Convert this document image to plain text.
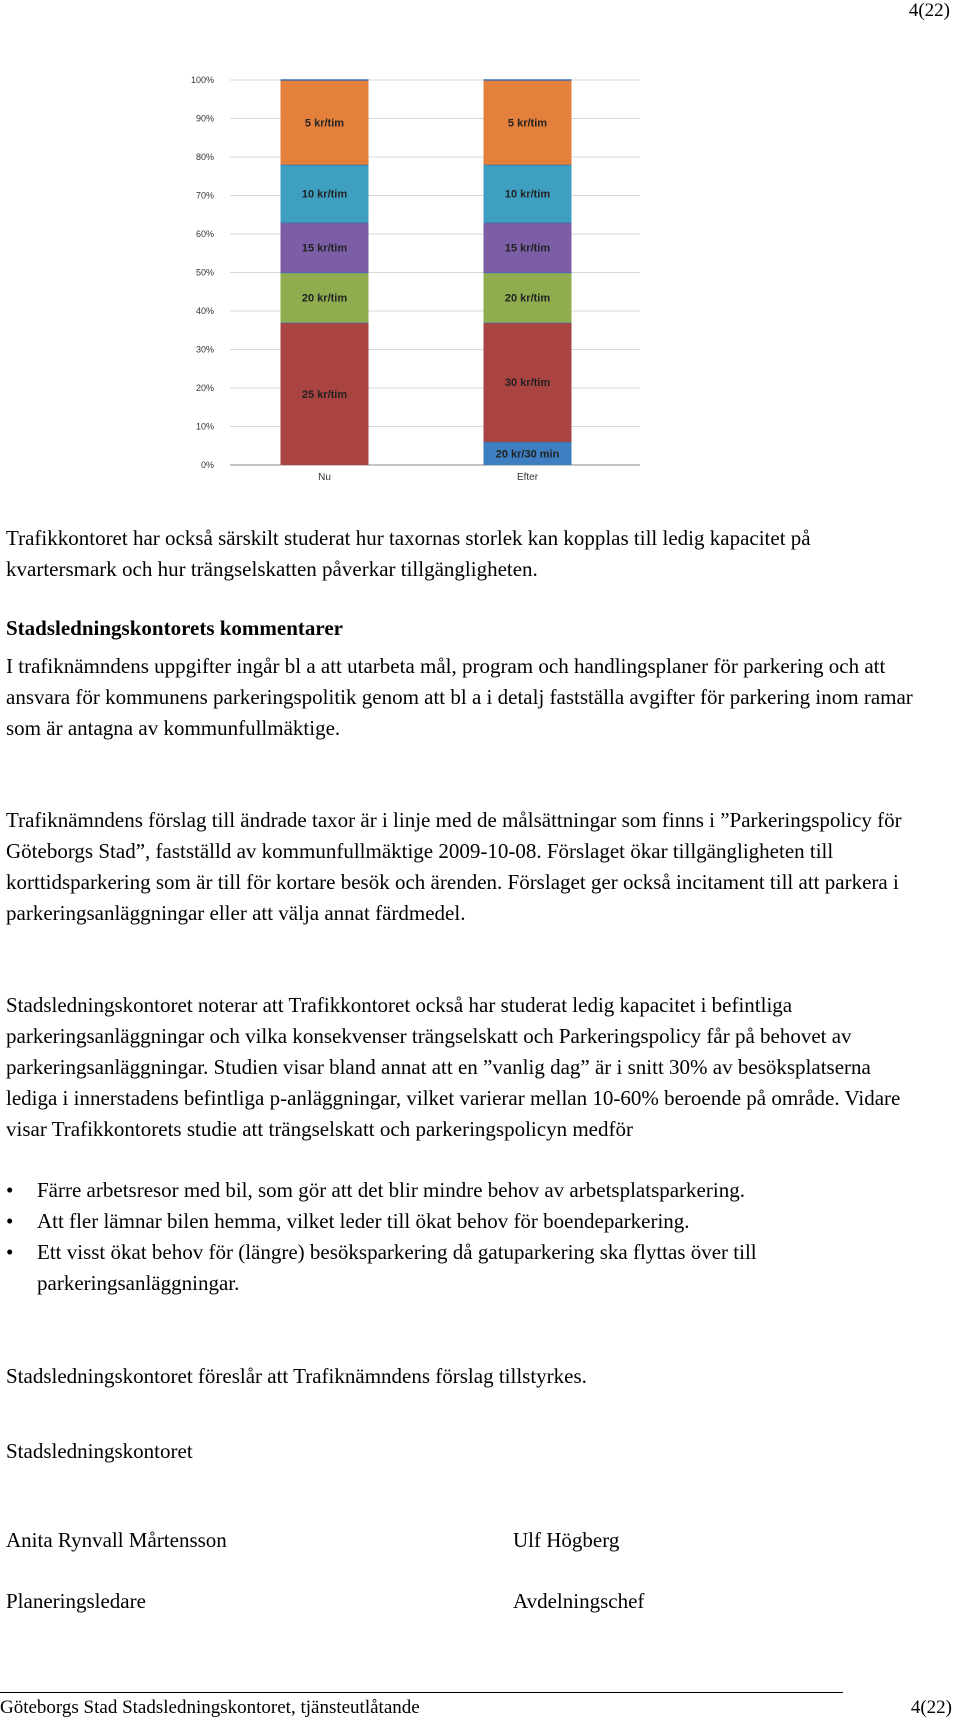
4(22)
0%
10%
20%
30%
40%
50%
60%
70%
80%
90%
100%
25 kr/tim
20 kr/tim
15 kr/tim
10 kr/tim
5 kr/tim
Nu
20 kr/30 min
30 kr/tim
20 kr/tim
15 kr/tim
10 kr/tim
5 kr/tim
Efter

Trafikkontoret har också särskilt studerat hur taxornas storlek kan kopplas till ledig kapacitet på kvartersmark och hur trängselskatten påverkar tillgängligheten.

Stadsledningskontorets kommentarer

I trafiknämndens uppgifter ingår bl a att utarbeta mål, program och handlingsplaner för parkering och att ansvara för kommunens parkeringspolitik genom att bl a i detalj fastställa avgifter för parkering inom ramar som är antagna av kommunfullmäktige.

Trafiknämndens förslag till ändrade taxor är i linje med de målsättningar som finns i ”Parkeringspolicy för Göteborgs Stad”, fastställd av kommunfullmäktige 2009-10-08. Förslaget ökar tillgängligheten till korttidsparkering som är till för kortare besök och ärenden. Förslaget ger också incitament till att parkera i parkeringsanläggningar eller att välja annat färdmedel.

Stadsledningskontoret noterar att Trafikkontoret också har studerat ledig kapacitet i befintliga parkeringsanläggningar och vilka konsekvenser trängselskatt och Parkeringspolicy får på behovet av parkeringsanläggningar. Studien visar bland annat att en ”vanlig dag” är i snitt 30% av besöksplatserna lediga i innerstadens befintliga p-anläggningar, vilket varierar mellan 10-60% beroende på område. Vidare visar Trafikkontorets studie att trängselskatt och parkeringspolicyn medför

• Färre arbetsresor med bil, som gör att det blir mindre behov av arbetsplatsparkering.
• Att fler lämnar bilen hemma, vilket leder till ökat behov för boendeparkering.
• Ett visst ökat behov för (längre) besöksparkering då gatuparkering ska flyttas över till parkeringsanläggningar.

Stadsledningskontoret föreslår att Trafiknämndens förslag tillstyrkes.

Stadsledningskontoret

Anita Rynvall Mårtensson	Ulf Högberg

Planeringsledare	Avdelningschef

Göteborgs Stad Stadsledningskontoret, tjänsteutlåtande	4(22)
